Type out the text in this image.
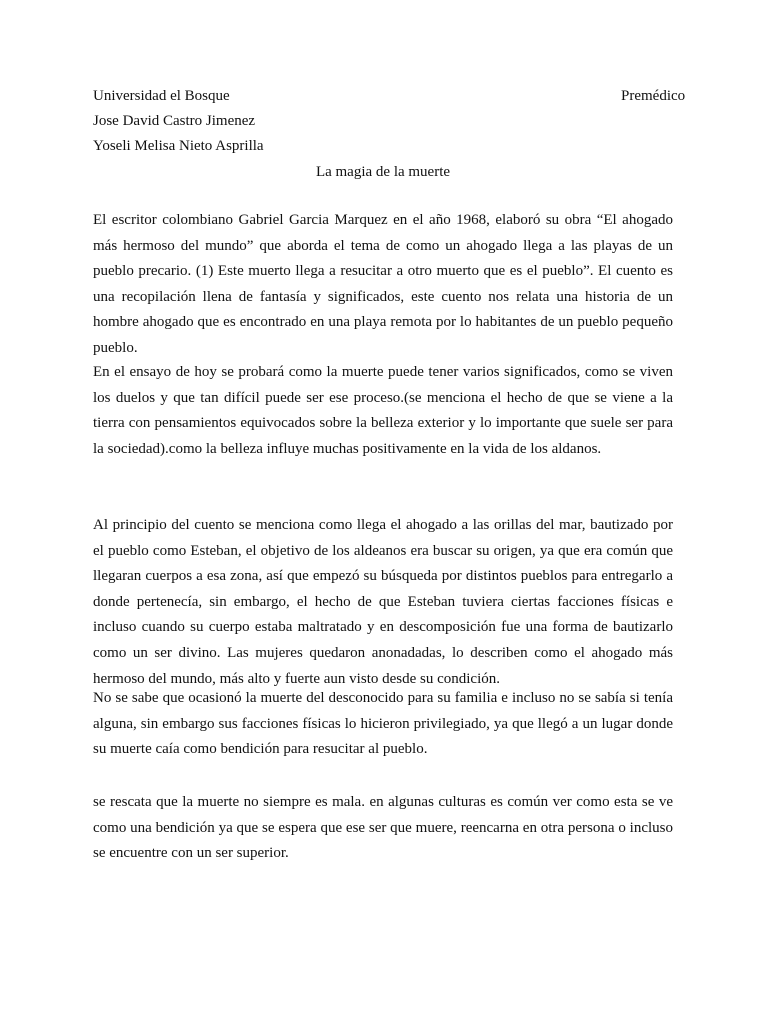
Universidad el Bosque	Premédico
Jose David Castro Jimenez
Yoseli Melisa Nieto Asprilla
La magia de la muerte

El escritor colombiano Gabriel Garcia Marquez en el año 1968, elaboró su obra “El ahogado más hermoso del mundo” que aborda el tema de como un ahogado llega a las playas de un pueblo precario. (1) Este muerto llega a resucitar a otro muerto que es el pueblo”. El cuento es una recopilación llena de fantasía y significados, este cuento nos relata una historia de un hombre ahogado que es encontrado en una playa remota por lo habitantes de un pueblo pequeño pueblo.

En el ensayo de hoy se probará como la muerte puede tener varios significados, como se viven los duelos y que tan difícil puede ser ese proceso.(se menciona el hecho de que se viene a la tierra con pensamientos equivocados sobre la belleza exterior y lo importante que suele ser para la sociedad).como la belleza influye muchas positivamente en la vida de los aldanos.

Al principio del cuento se menciona como llega el ahogado a las orillas del mar, bautizado por el pueblo como Esteban, el objetivo de los aldeanos era buscar su origen, ya que era común que llegaran cuerpos a esa zona, así que empezó su búsqueda por distintos pueblos para entregarlo a donde pertenecía, sin embargo, el hecho de que Esteban tuviera ciertas facciones físicas e incluso cuando su cuerpo estaba maltratado y en descomposición fue una forma de bautizarlo como un ser divino. Las mujeres quedaron anonadadas, lo describen como el ahogado más hermoso del mundo, más alto y fuerte aun visto desde su condición.

No se sabe que ocasionó la muerte del desconocido para su familia e incluso no se sabía si tenía alguna, sin embargo sus facciones físicas lo hicieron privilegiado, ya que llegó a un lugar donde su muerte caía como bendición para resucitar al pueblo.

se rescata que la muerte no siempre es mala. en algunas culturas es común ver como esta se ve como una bendición ya que se espera que ese ser que muere, reencarna en otra persona o incluso se encuentre con un ser superior.
